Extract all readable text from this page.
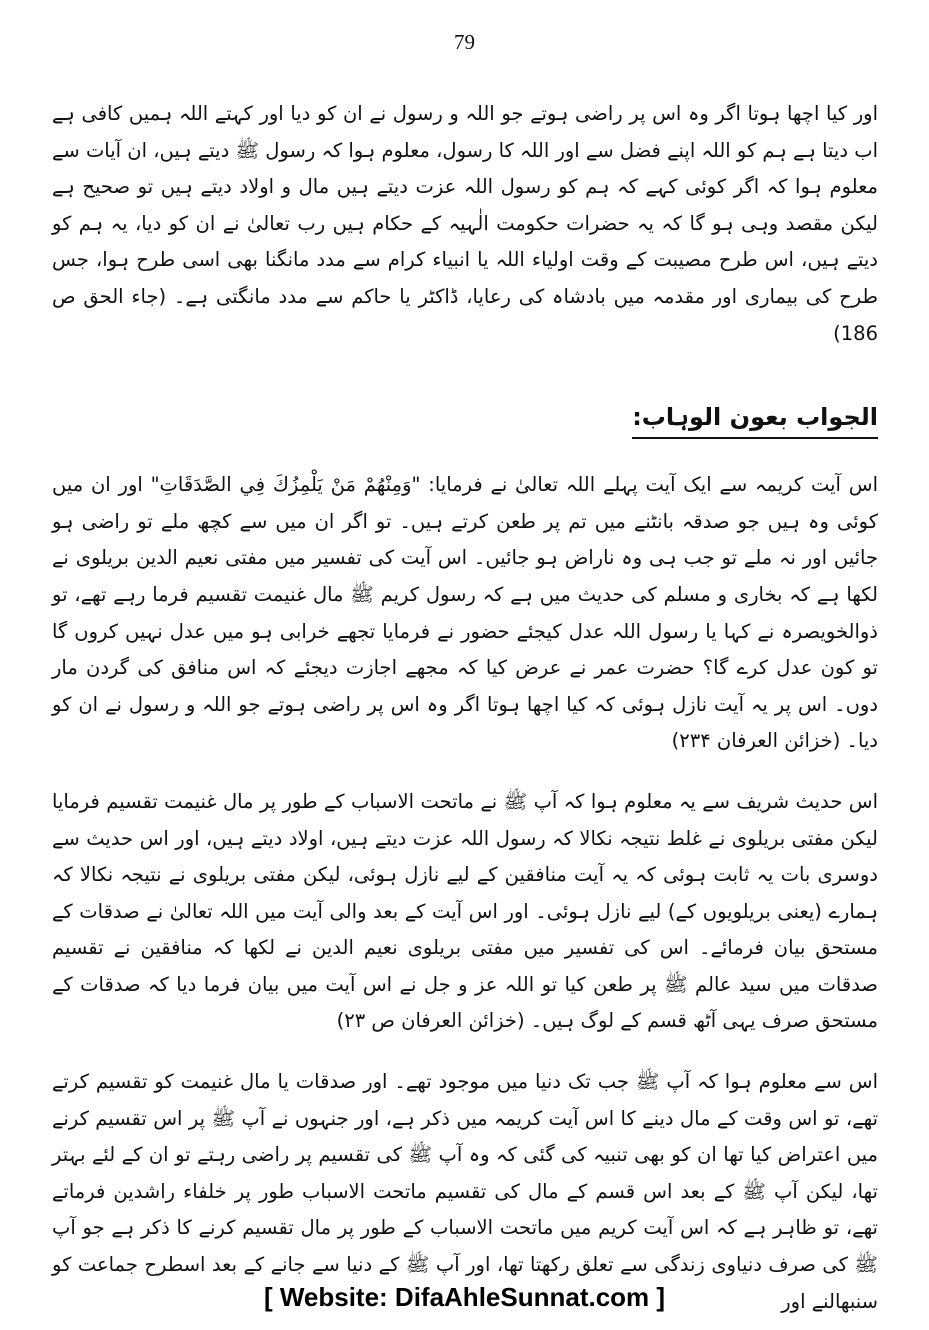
79

اور کیا اچھا ہوتا اگر وہ اس پر راضی ہوتے جو اللہ و رسول نے ان کو دیا اور کہتے اللہ ہمیں کافی ہے اب دیتا ہے ہم کو اللہ اپنے فضل سے اور اللہ کا رسول، معلوم ہوا کہ رسول ﷺ دیتے ہیں، ان آیات سے معلوم ہوا کہ اگر کوئی کہے کہ ہم کو رسول اللہ عزت دیتے ہیں مال و اولاد دیتے ہیں تو صحیح ہے لیکن مقصد وہی ہو گا کہ یہ حضرات حکومت الٰہیہ کے حکام ہیں رب تعالیٰ نے ان کو دیا، یہ ہم کو دیتے ہیں، اس طرح مصیبت کے وقت اولیاء اللہ یا انبیاء کرام سے مدد مانگنا بھی اسی طرح ہوا، جس طرح کی بیماری اور مقدمہ میں بادشاہ کی رعایا، ڈاکٹر یا حاکم سے مدد مانگتی ہے۔ (جاء الحق ص 186)

الجواب بعون الوہاب:

اس آیت کریمہ سے ایک آیت پہلے اللہ تعالیٰ نے فرمایا: "وَمِنْهُمْ مَنْ يَلْمِزُكَ فِي الصَّدَقَاتِ" اور ان میں کوئی وہ ہیں جو صدقہ بانٹنے میں تم پر طعن کرتے ہیں۔ تو اگر ان میں سے کچھ ملے تو راضی ہو جائیں اور نہ ملے تو جب ہی وہ ناراض ہو جائیں۔ اس آیت کی تفسیر میں مفتی نعیم الدین بریلوی نے لکھا ہے کہ بخاری و مسلم کی حدیث میں ہے کہ رسول کریم ﷺ مال غنیمت تقسیم فرما رہے تھے، تو ذوالخویصرہ نے کہا یا رسول اللہ عدل کیجئے حضور نے فرمایا تجھے خرابی ہو میں عدل نہیں کروں گا تو کون عدل کرے گا؟ حضرت عمر نے عرض کیا کہ مجھے اجازت دیجئے کہ اس منافق کی گردن مار دوں۔ اس پر یہ آیت نازل ہوئی کہ کیا اچھا ہوتا اگر وہ اس پر راضی ہوتے جو اللہ و رسول نے ان کو دیا۔ (خزائن العرفان ۲۳۴)

اس حدیث شریف سے یہ معلوم ہوا کہ آپ ﷺ نے ماتحت الاسباب کے طور پر مال غنیمت تقسیم فرمایا لیکن مفتی بریلوی نے غلط نتیجہ نکالا کہ رسول اللہ عزت دیتے ہیں، اولاد دیتے ہیں، اور اس حدیث سے دوسری بات یہ ثابت ہوئی کہ یہ آیت منافقین کے لیے نازل ہوئی، لیکن مفتی بریلوی نے نتیجہ نکالا کہ ہمارے (یعنی بریلویوں کے) لیے نازل ہوئی۔ اور اس آیت کے بعد والی آیت میں اللہ تعالیٰ نے صدقات کے مستحق بیان فرمائے۔ اس کی تفسیر میں مفتی بریلوی نعیم الدین نے لکھا کہ منافقین نے تقسیم صدقات میں سید عالم ﷺ پر طعن کیا تو اللہ عز و جل نے اس آیت میں بیان فرما دیا کہ صدقات کے مستحق صرف یہی آٹھ قسم کے لوگ ہیں۔ (خزائن العرفان ص ۲۳)

اس سے معلوم ہوا کہ آپ ﷺ جب تک دنیا میں موجود تھے۔ اور صدقات یا مال غنیمت کو تقسیم کرتے تھے، تو اس وقت کے مال دینے کا اس آیت کریمہ میں ذکر ہے، اور جنہوں نے آپ ﷺ پر اس تقسیم کرنے میں اعتراض کیا تھا ان کو بھی تنبیہ کی گئی کہ وہ آپ ﷺ کی تقسیم پر راضی رہتے تو ان کے لئے بہتر تھا، لیکن آپ ﷺ کے بعد اس قسم کے مال کی تقسیم ماتحت الاسباب طور پر خلفاء راشدین فرماتے تھے، تو ظاہر ہے کہ اس آیت کریم میں ماتحت الاسباب کے طور پر مال تقسیم کرنے کا ذکر ہے جو آپ ﷺ کی صرف دنیاوی زندگی سے تعلق رکھتا تھا، اور آپ ﷺ کے دنیا سے جانے کے بعد اسطرح جماعت کو سنبھالنے اور

[ Website: DifaAhleSunnat.com ]
